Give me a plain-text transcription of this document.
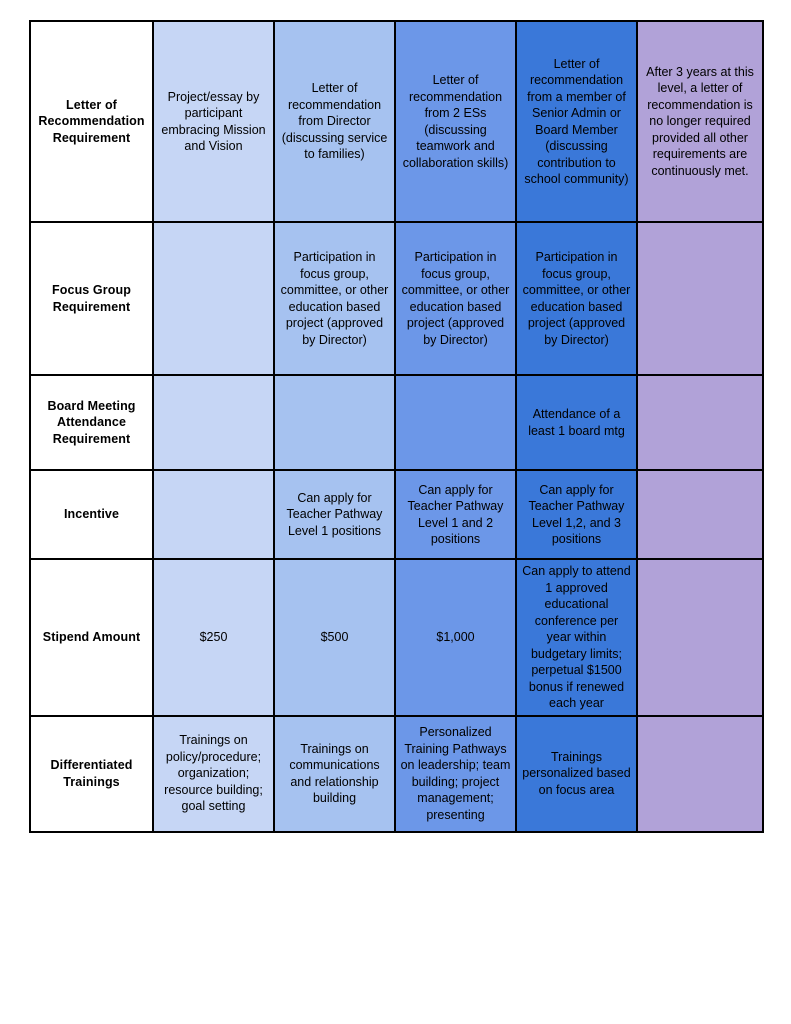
Letter of Recommendation Requirement	Project/essay by participant embracing Mission and Vision	Letter of recommendation from Director (discussing service to families)	Letter of recommendation from 2 ESs (discussing teamwork and collaboration skills)	Letter of recommendation from a member of Senior Admin or Board Member (discussing contribution to school community)	After 3 years at this level, a letter of recommendation is no longer required provided all other requirements are continuously met.

Focus Group Requirement		Participation in focus group, committee, or other education based project (approved by Director)	Participation in focus group, committee, or other education based project (approved by Director)	Participation in focus group, committee, or other education based project (approved by Director)	

Board Meeting Attendance Requirement				Attendance of a least 1 board mtg	

Incentive		Can apply for Teacher Pathway Level 1 positions	Can apply for Teacher Pathway Level 1 and 2 positions	Can apply for Teacher Pathway Level 1,2, and 3 positions	

Stipend Amount	$250	$500	$1,000	Can apply to attend 1 approved educational conference per year within budgetary limits; perpetual $1500 bonus if renewed each year	

Differentiated Trainings	Trainings on policy/procedure; organization; resource building; goal setting	Trainings on communications and relationship building	Personalized Training Pathways on leadership; team building; project management; presenting	Trainings personalized based on focus area	
